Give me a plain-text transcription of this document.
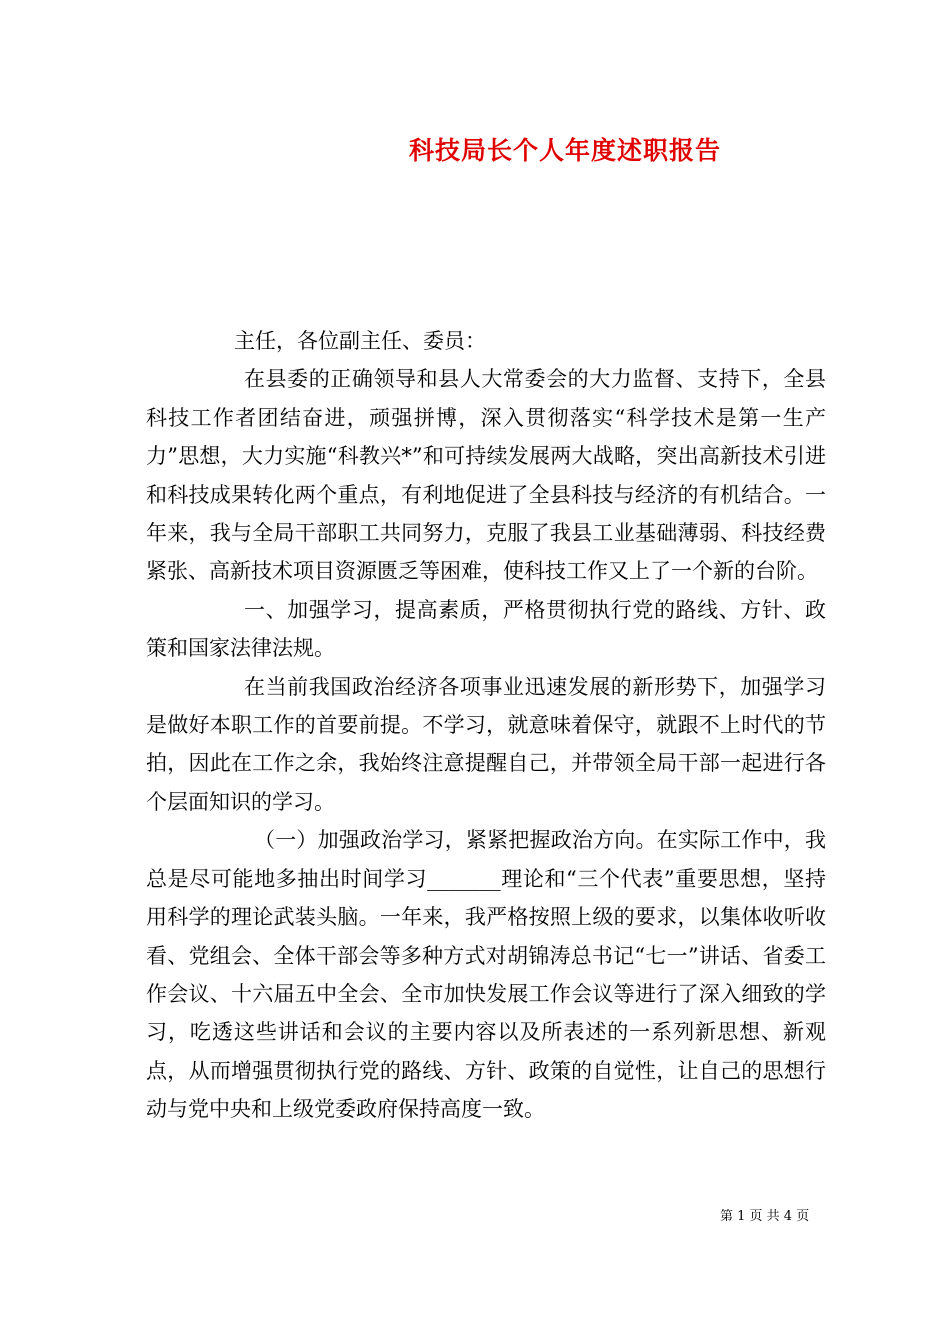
科技局长个人年度述职报告

主任，各位副主任、委员：

在县委的正确领导和县人大常委会的大力监督、支持下，全县科技工作者团结奋进，顽强拼博，深入贯彻落实“科学技术是第一生产力”思想，大力实施“科教兴*”和可持续发展两大战略，突出高新技术引进和科技成果转化两个重点，有利地促进了全县科技与经济的有机结合。一年来，我与全局干部职工共同努力，克服了我县工业基础薄弱、科技经费紧张、高新技术项目资源匮乏等困难，使科技工作又上了一个新的台阶。

一、加强学习，提高素质，严格贯彻执行党的路线、方针、政策和国家法律法规。

在当前我国政治经济各项事业迅速发展的新形势下，加强学习是做好本职工作的首要前提。不学习，就意味着保守，就跟不上时代的节拍，因此在工作之余，我始终注意提醒自己，并带领全局干部一起进行各个层面知识的学习。

（一）加强政治学习，紧紧把握政治方向。在实际工作中，我总是尽可能地多抽出时间学习_______理论和“三个代表”重要思想，坚持用科学的理论武装头脑。一年来，我严格按照上级的要求，以集体收听收看、党组会、全体干部会等多种方式对胡锦涛总书记“七一”讲话、省委工作会议、十六届五中全会、全市加快发展工作会议等进行了深入细致的学习，吃透这些讲话和会议的主要内容以及所表述的一系列新思想、新观点，从而增强贯彻执行党的路线、方针、政策的自觉性，让自己的思想行动与党中央和上级党委政府保持高度一致。

第 1 页 共 4 页
